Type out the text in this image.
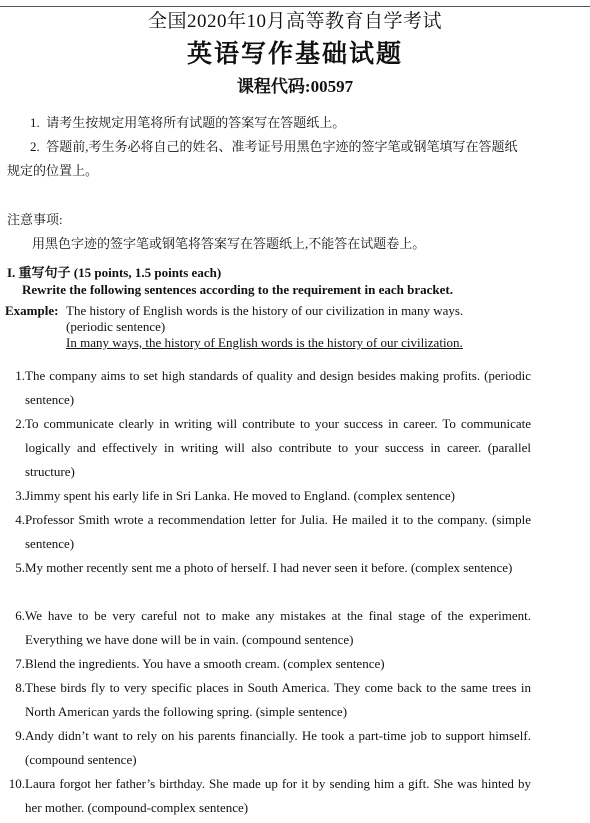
全国2020年10月高等教育自学考试
英语写作基础试题
课程代码:00597
1. 请考生按规定用笔将所有试题的答案写在答题纸上。
2. 答题前,考生务必将自己的姓名、准考证号用黑色字迹的签字笔或钢笔填写在答题纸
规定的位置上。
注意事项:
用黑色字迹的签字笔或钢笔将答案写在答题纸上,不能答在试题卷上。
I. 重写句子 (15 points, 1.5 points each)
Rewrite the following sentences according to the requirement in each bracket.
Example: The history of English words is the history of our civilization in many ways.
(periodic sentence)
In many ways, the history of English words is the history of our civilization.
1. The company aims to set high standards of quality and design besides making profits. (periodic sentence)
2. To communicate clearly in writing will contribute to your success in career. To communicate logically and effectively in writing will also contribute to your success in career. (parallel structure)
3. Jimmy spent his early life in Sri Lanka. He moved to England. (complex sentence)
4. Professor Smith wrote a recommendation letter for Julia. He mailed it to the company. (simple sentence)
5. My mother recently sent me a photo of herself. I had never seen it before. (complex sentence)
6. We have to be very careful not to make any mistakes at the final stage of the experiment. Everything we have done will be in vain. (compound sentence)
7. Blend the ingredients. You have a smooth cream. (complex sentence)
8. These birds fly to very specific places in South America. They come back to the same trees in North American yards the following spring. (simple sentence)
9. Andy didn’t want to rely on his parents financially. He took a part-time job to support himself. (compound sentence)
10. Laura forgot her father’s birthday. She made up for it by sending him a gift. She was hinted by her mother. (compound-complex sentence)
